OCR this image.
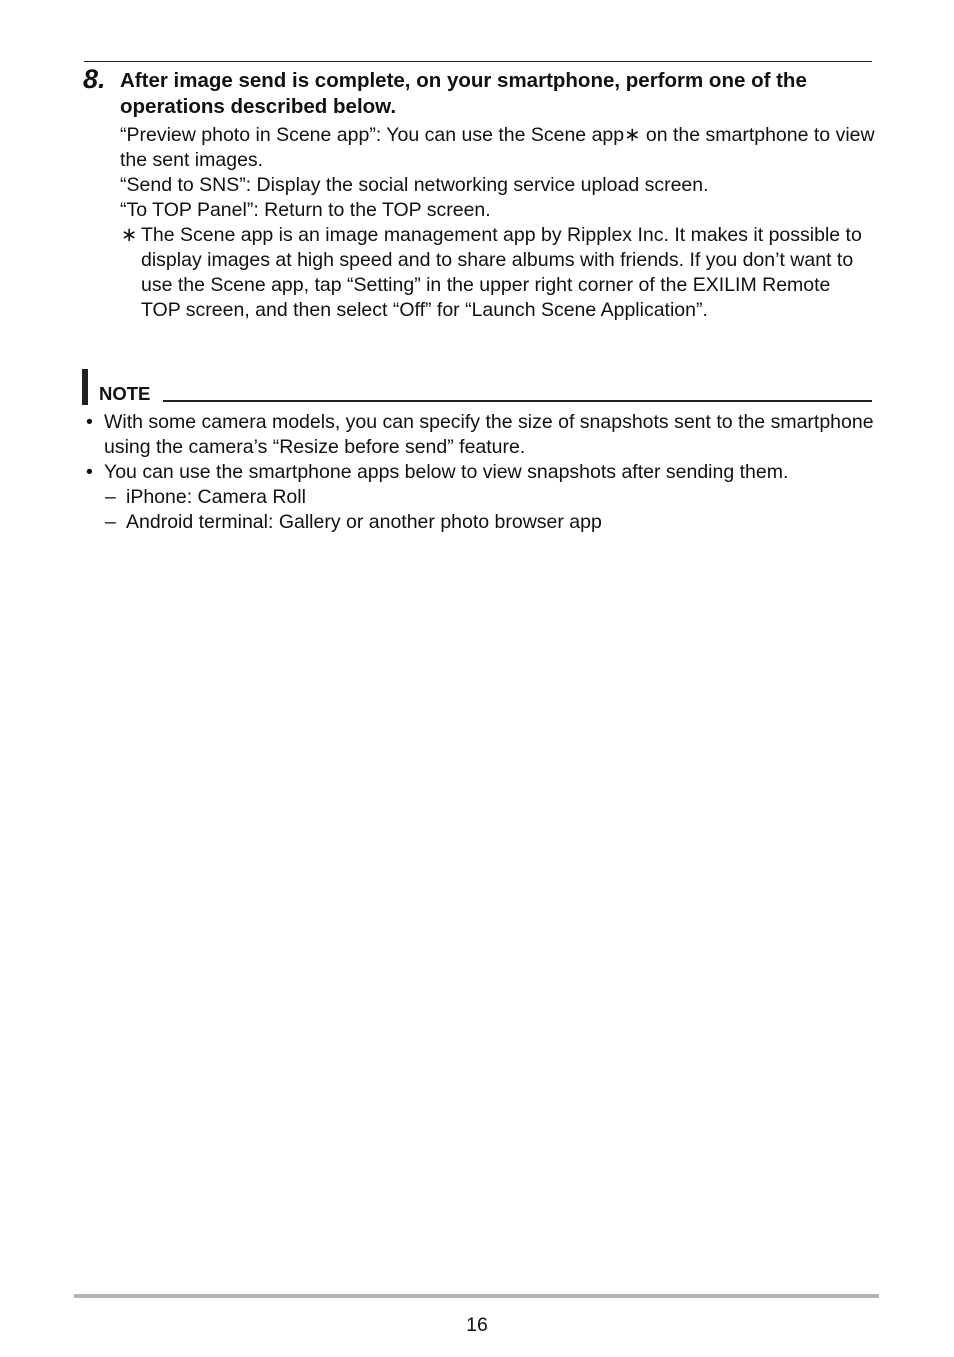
8. After image send is complete, on your smartphone, perform one of the operations described below.

“Preview photo in Scene app”: You can use the Scene app∗ on the smartphone to view the sent images.

“Send to SNS”: Display the social networking service upload screen.

“To TOP Panel”: Return to the TOP screen.

∗ The Scene app is an image management app by Ripplex Inc. It makes it possible to display images at high speed and to share albums with friends. If you don’t want to use the Scene app, tap “Setting” in the upper right corner of the EXILIM Remote TOP screen, and then select “Off” for “Launch Scene Application”.
NOTE
• With some camera models, you can specify the size of snapshots sent to the smartphone using the camera’s “Resize before send” feature.
• You can use the smartphone apps below to view snapshots after sending them.
– iPhone: Camera Roll
– Android terminal: Gallery or another photo browser app
16
